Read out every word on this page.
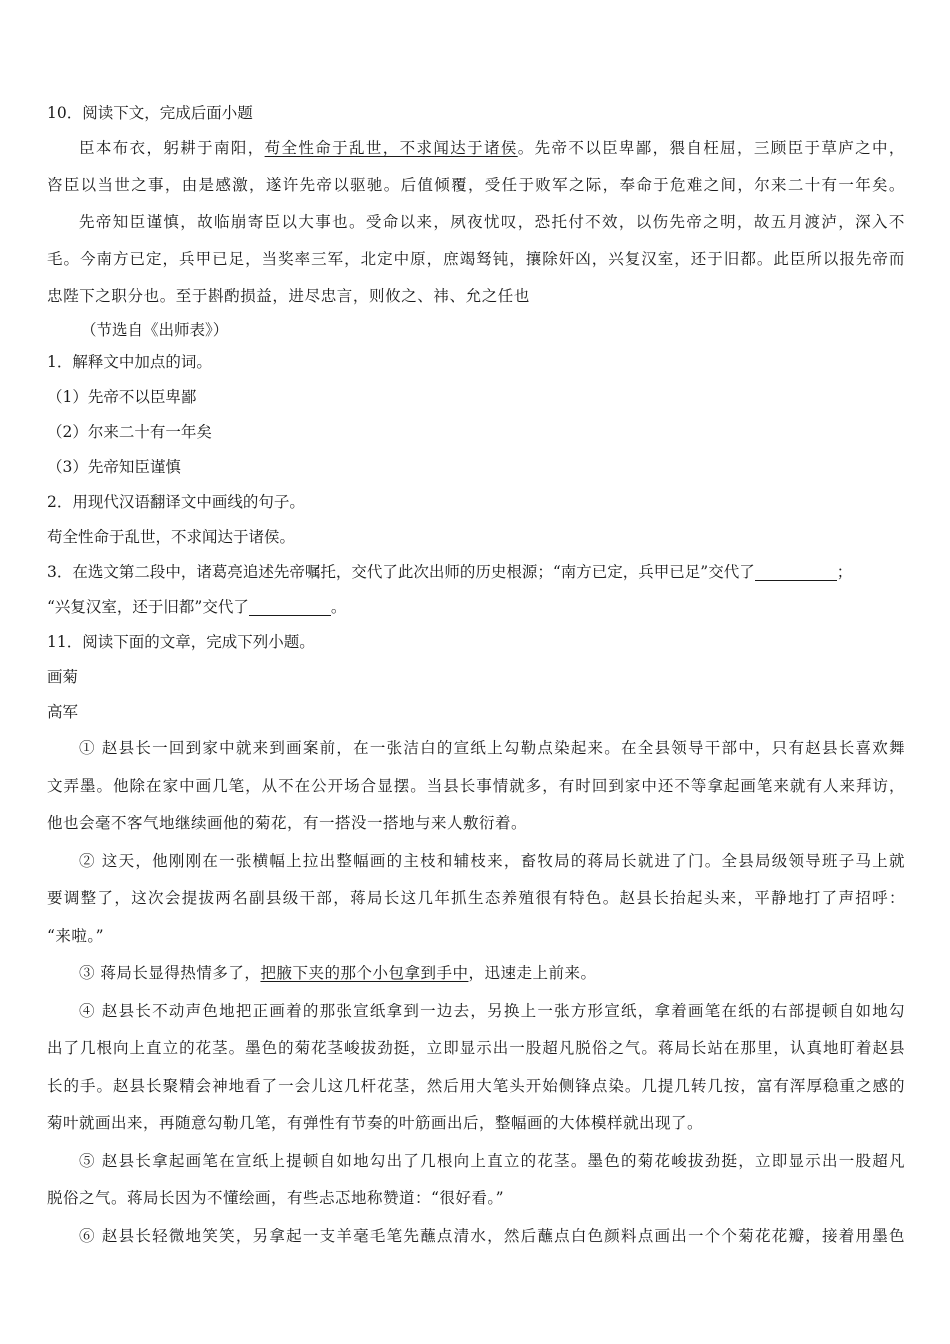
10．阅读下文，完成后面小题
臣本布衣，躬耕于南阳，苟全性命于乱世，不求闻达于诸侯。先帝不以臣卑鄙，猥自枉屈，三顾臣于草庐之中，
咨臣以当世之事，由是感激，遂许先帝以驱驰。后值倾覆，受任于败军之际，奉命于危难之间，尔来二十有一年矣。
先帝知臣谨慎，故临崩寄臣以大事也。受命以来，夙夜忧叹，恐托付不效，以伤先帝之明，故五月渡泸，深入不
毛。今南方已定，兵甲已足，当奖率三军，北定中原，庶竭驽钝，攘除奸凶，兴复汉室，还于旧都。此臣所以报先帝而
忠陛下之职分也。至于斟酌损益，进尽忠言，则攸之、祎、允之任也
（节选自《出师表》）
1．解释文中加点的词。
（1）先帝不以臣卑鄙
（2）尔来二十有一年矣
（3）先帝知臣谨慎
2．用现代汉语翻译文中画线的句子。
苟全性命于乱世，不求闻达于诸侯。
3．在选文第二段中，诸葛亮追述先帝嘱托，交代了此次出师的历史根源；“南方已定，兵甲已足”交代了	；
“兴复汉室，还于旧都”交代了	。
11．阅读下面的文章，完成下列小题。
画菊
高军
① 赵县长一回到家中就来到画案前，在一张洁白的宣纸上勾勒点染起来。在全县领导干部中，只有赵县长喜欢舞
文弄墨。他除在家中画几笔，从不在公开场合显摆。当县长事情就多，有时回到家中还不等拿起画笔来就有人来拜访，
他也会毫不客气地继续画他的菊花，有一搭没一搭地与来人敷衍着。
② 这天，他刚刚在一张横幅上拉出整幅画的主枝和辅枝来，畜牧局的蒋局长就进了门。全县局级领导班子马上就
要调整了，这次会提拔两名副县级干部，蒋局长这几年抓生态养殖很有特色。赵县长抬起头来，平静地打了声招呼：
“来啦。”
③ 蒋局长显得热情多了，把腋下夹的那个小包拿到手中，迅速走上前来。
④ 赵县长不动声色地把正画着的那张宣纸拿到一边去，另换上一张方形宣纸，拿着画笔在纸的右部提顿自如地勾
出了几根向上直立的花茎。墨色的菊花茎峻拔劲挺，立即显示出一股超凡脱俗之气。蒋局长站在那里，认真地盯着赵县
长的手。赵县长聚精会神地看了一会儿这几杆花茎，然后用大笔头开始侧锋点染。几提几转几按，富有浑厚稳重之感的
菊叶就画出来，再随意勾勒几笔，有弹性有节奏的叶筋画出后，整幅画的大体模样就出现了。
⑤ 赵县长拿起画笔在宣纸上提顿自如地勾出了几根向上直立的花茎。墨色的菊花峻拔劲挺，立即显示出一股超凡
脱俗之气。蒋局长因为不懂绘画，有些忐忑地称赞道：“很好看。”
⑥ 赵县长轻微地笑笑，另拿起一支羊毫毛笔先蘸点清水，然后蘸点白色颜料点画出一个个菊花花瓣，接着用墨色
